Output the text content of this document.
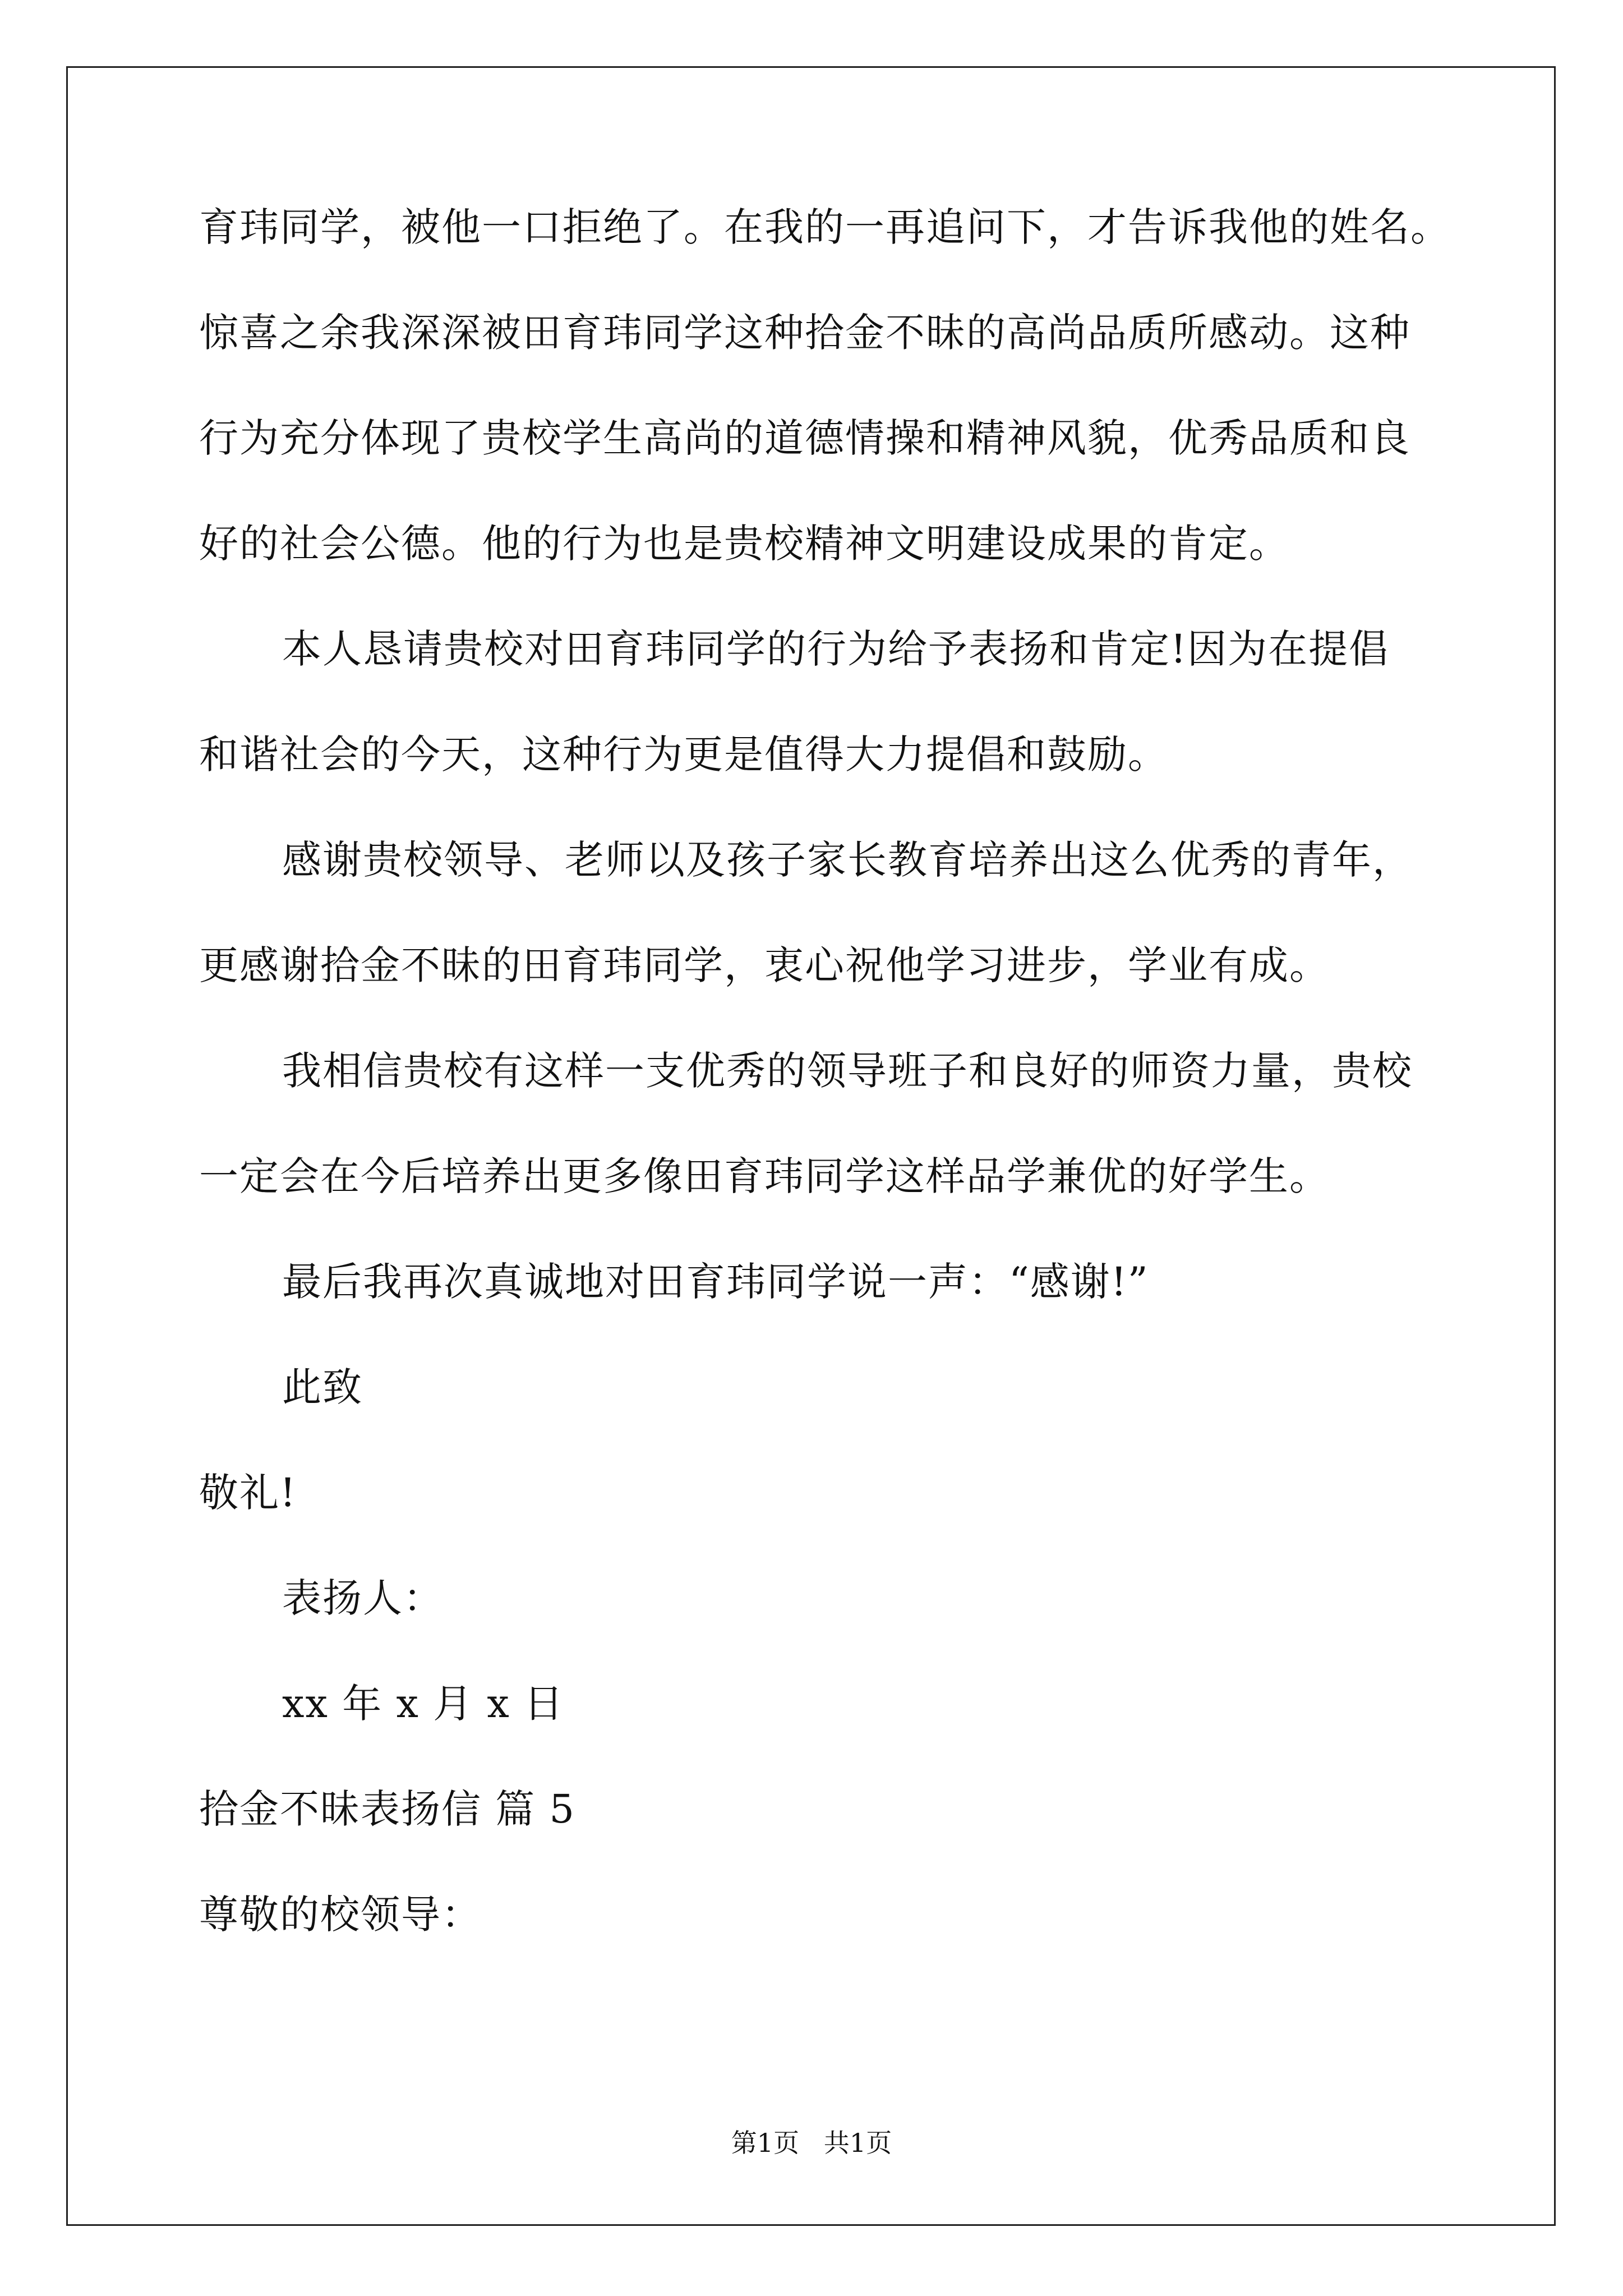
育玮同学，被他一口拒绝了。在我的一再追问下，才告诉我他的姓名。

惊喜之余我深深被田育玮同学这种拾金不昧的高尚品质所感动。这种

行为充分体现了贵校学生高尚的道德情操和精神风貌，优秀品质和良

好的社会公德。他的行为也是贵校精神文明建设成果的肯定。

本人恳请贵校对田育玮同学的行为给予表扬和肯定!因为在提倡

和谐社会的今天，这种行为更是值得大力提倡和鼓励。

感谢贵校领导、老师以及孩子家长教育培养出这么优秀的青年，

更感谢拾金不昧的田育玮同学，衷心祝他学习进步，学业有成。

我相信贵校有这样一支优秀的领导班子和良好的师资力量，贵校

一定会在今后培养出更多像田育玮同学这样品学兼优的好学生。

最后我再次真诚地对田育玮同学说一声：“感谢!”

此致

敬礼!

表扬人：

xx 年 x 月 x 日

拾金不昧表扬信 篇 5

尊敬的校领导：

第1页   共1页
